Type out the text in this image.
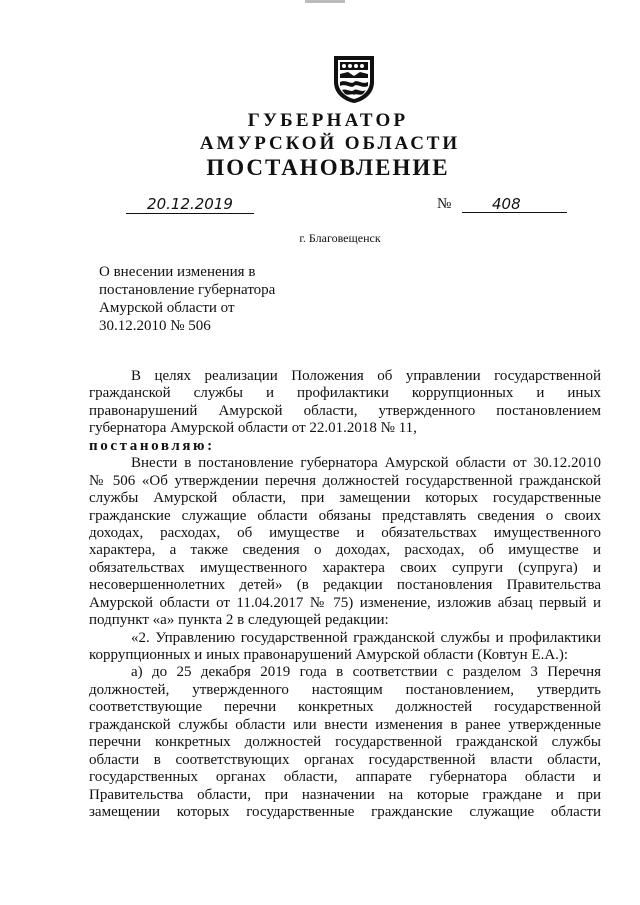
ГУБЕРНАТОР
АМУРСКОЙ ОБЛАСТИ
ПОСТАНОВЛЕНИЕ
20.12.2019	№	408
г. Благовещенск
О внесении изменения в
постановление губернатора
Амурской области от
30.12.2010 № 506
В целях реализации Положения об управлении государственной
гражданской службы и профилактики коррупционных и иных
правонарушений Амурской области, утвержденного постановлением
губернатора Амурской области от 22.01.2018 № 11,
постановляю:
Внести в постановление губернатора Амурской области от 30.12.2010
№ 506 «Об утверждении перечня должностей государственной гражданской
службы Амурской области, при замещении которых государственные
гражданские служащие области обязаны представлять сведения о своих
доходах, расходах, об имуществе и обязательствах имущественного
характера, а также сведения о доходах, расходах, об имуществе и
обязательствах имущественного характера своих супруги (супруга) и
несовершеннолетних детей» (в редакции постановления Правительства
Амурской области от 11.04.2017 № 75) изменение, изложив абзац первый и
подпункт «а» пункта 2 в следующей редакции:
«2. Управлению государственной гражданской службы и профилактики
коррупционных и иных правонарушений Амурской области (Ковтун Е.А.):
а) до 25 декабря 2019 года в соответствии с разделом 3 Перечня
должностей, утвержденного настоящим постановлением, утвердить
соответствующие перечни конкретных должностей государственной
гражданской службы области или внести изменения в ранее утвержденные
перечни конкретных должностей государственной гражданской службы
области в соответствующих органах государственной власти области,
государственных органах области, аппарате губернатора области и
Правительства области, при назначении на которые граждане и при
замещении которых государственные гражданские служащие области
